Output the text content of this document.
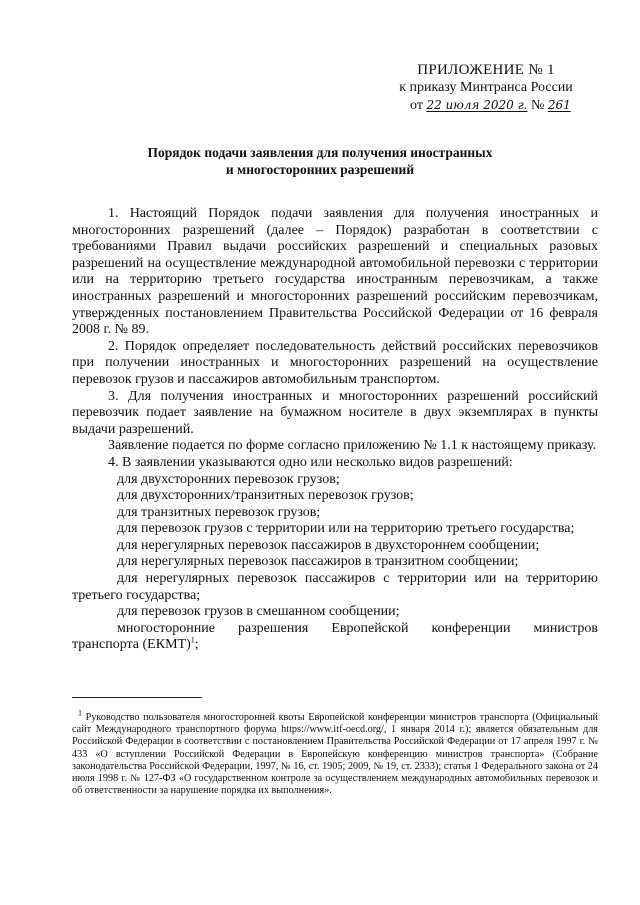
ПРИЛОЖЕНИЕ № 1
к приказу Минтранса России
от 22 июля 2020 г. № 261
Порядок подачи заявления для получения иностранных
и многосторонних разрешений

1. Настоящий Порядок подачи заявления для получения иностранных и многосторонних разрешений (далее – Порядок) разработан в соответствии с требованиями Правил выдачи российских разрешений и специальных разовых разрешений на осуществление международной автомобильной перевозки с территории или на территорию третьего государства иностранным перевозчикам, а также иностранных разрешений и многосторонних разрешений российским перевозчикам, утвержденных постановлением Правительства Российской Федерации от 16 февраля 2008 г. № 89.

2. Порядок определяет последовательность действий российских перевозчиков при получении иностранных и многосторонних разрешений на осуществление перевозок грузов и пассажиров автомобильным транспортом.

3. Для получения иностранных и многосторонних разрешений российский перевозчик подает заявление на бумажном носителе в двух экземплярах в пункты выдачи разрешений.

Заявление подается по форме согласно приложению № 1.1 к настоящему приказу.

4. В заявлении указываются одно или несколько видов разрешений:

для двухсторонних перевозок грузов;

для двухсторонних/транзитных перевозок грузов;

для транзитных перевозок грузов;

для перевозок грузов с территории или на территорию третьего государства;

для нерегулярных перевозок пассажиров в двухстороннем сообщении;

для нерегулярных перевозок пассажиров в транзитном сообщении;

для нерегулярных перевозок пассажиров с территории или на территорию третьего государства;

для перевозок грузов в смешанном сообщении;

многосторонние разрешения Европейской конференции министров

транспорта (ЕКМТ)$^1$;

$^1$ Руководство пользователя многосторонней квоты Европейской конференции министров транспорта (Официальный сайт Международного транспортного форума https://www.itf-oecd.org/, 1 января 2014 г.); является обязательным для Российской Федерации в соответствии с постановлением Правительства Российской Федерации от 17 апреля 1997 г. № 433 «О вступлении Российской Федерации в Европейскую конференцию министров транспорта» (Собрание законодательства Российской Федерации, 1997, № 16, ст. 1905; 2009, № 19, ст. 2333); статья 1 Федерального закона от 24 июля 1998 г. № 127-ФЗ «О государственном контроле за осуществлением международных автомобильных перевозок и об ответственности за нарушение порядка их выполнения».
